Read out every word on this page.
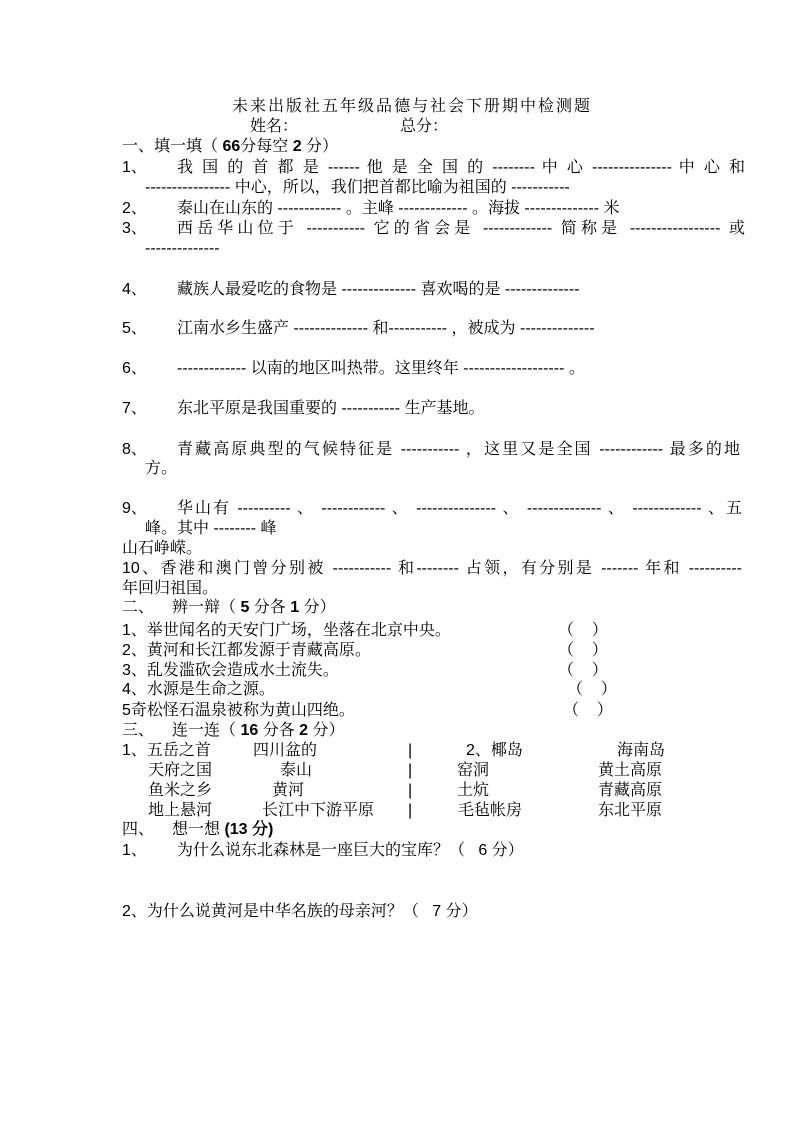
未来出版社五年级品德与社会下册期中检测题
姓名：	总分：
一、填一填（ 66分每空 2 分）
1、 我 国 的 首 都 是 ------ 他 是 全 国 的 -------- 中 心 --------------- 中 心 和
---------------- 中心，所以，我们把首都比喻为祖国的 -----------
2、 泰山在山东的 ------------ 。主峰 ------------- 。海拔 -------------- 米
3、 西岳华山位于 ----------- 它的省会是 ------------- 简称是 ----------------- 或
--------------
4、 藏族人最爱吃的食物是 -------------- 喜欢喝的是 --------------
5、 江南水乡生盛产 -------------- 和----------- ，被成为 --------------
6、 ------------- 以南的地区叫热带。这里终年 ------------------- 。
7、 东北平原是我国重要的 ----------- 生产基地。
8、 青藏高原典型的气候特征是 ----------- ，这里又是全国 ------------ 最多的地
方。
9、 华山有 ---------- 、 ------------ 、 --------------- 、 -------------- 、 ------------- 、五
峰。其中 -------- 峰
山石峥嵘。
10、香港和澳门曾分别被 ----------- 和-------- 占领，有分别是 ------- 年和 ----------
年回归祖国。
二、 辨一辩（ 5 分各 1 分）
1、举世闻名的天安门广场，坐落在北京中央。	（    ）
2、黄河和长江都发源于青藏高原。	（    ）
3、乱发滥砍会造成水土流失。	（    ）
4、水源是生命之源。	（    ）
5奇松怪石温泉被称为黄山四绝。	（    ）
三、 连一连（ 16 分各 2 分）
1、五岳之首	四川盆的	|	2、椰岛	海南岛
天府之国	泰山	|	窑洞	黄土高原
鱼米之乡	黄河	|	土炕	青藏高原
地上悬河	长江中下游平原 |	毛毡帐房	东北平原
四、 想一想 (13 分)
1、 为什么说东北森林是一座巨大的宝库？（   6 分）
2、为什么说黄河是中华名族的母亲河？（   7 分）
